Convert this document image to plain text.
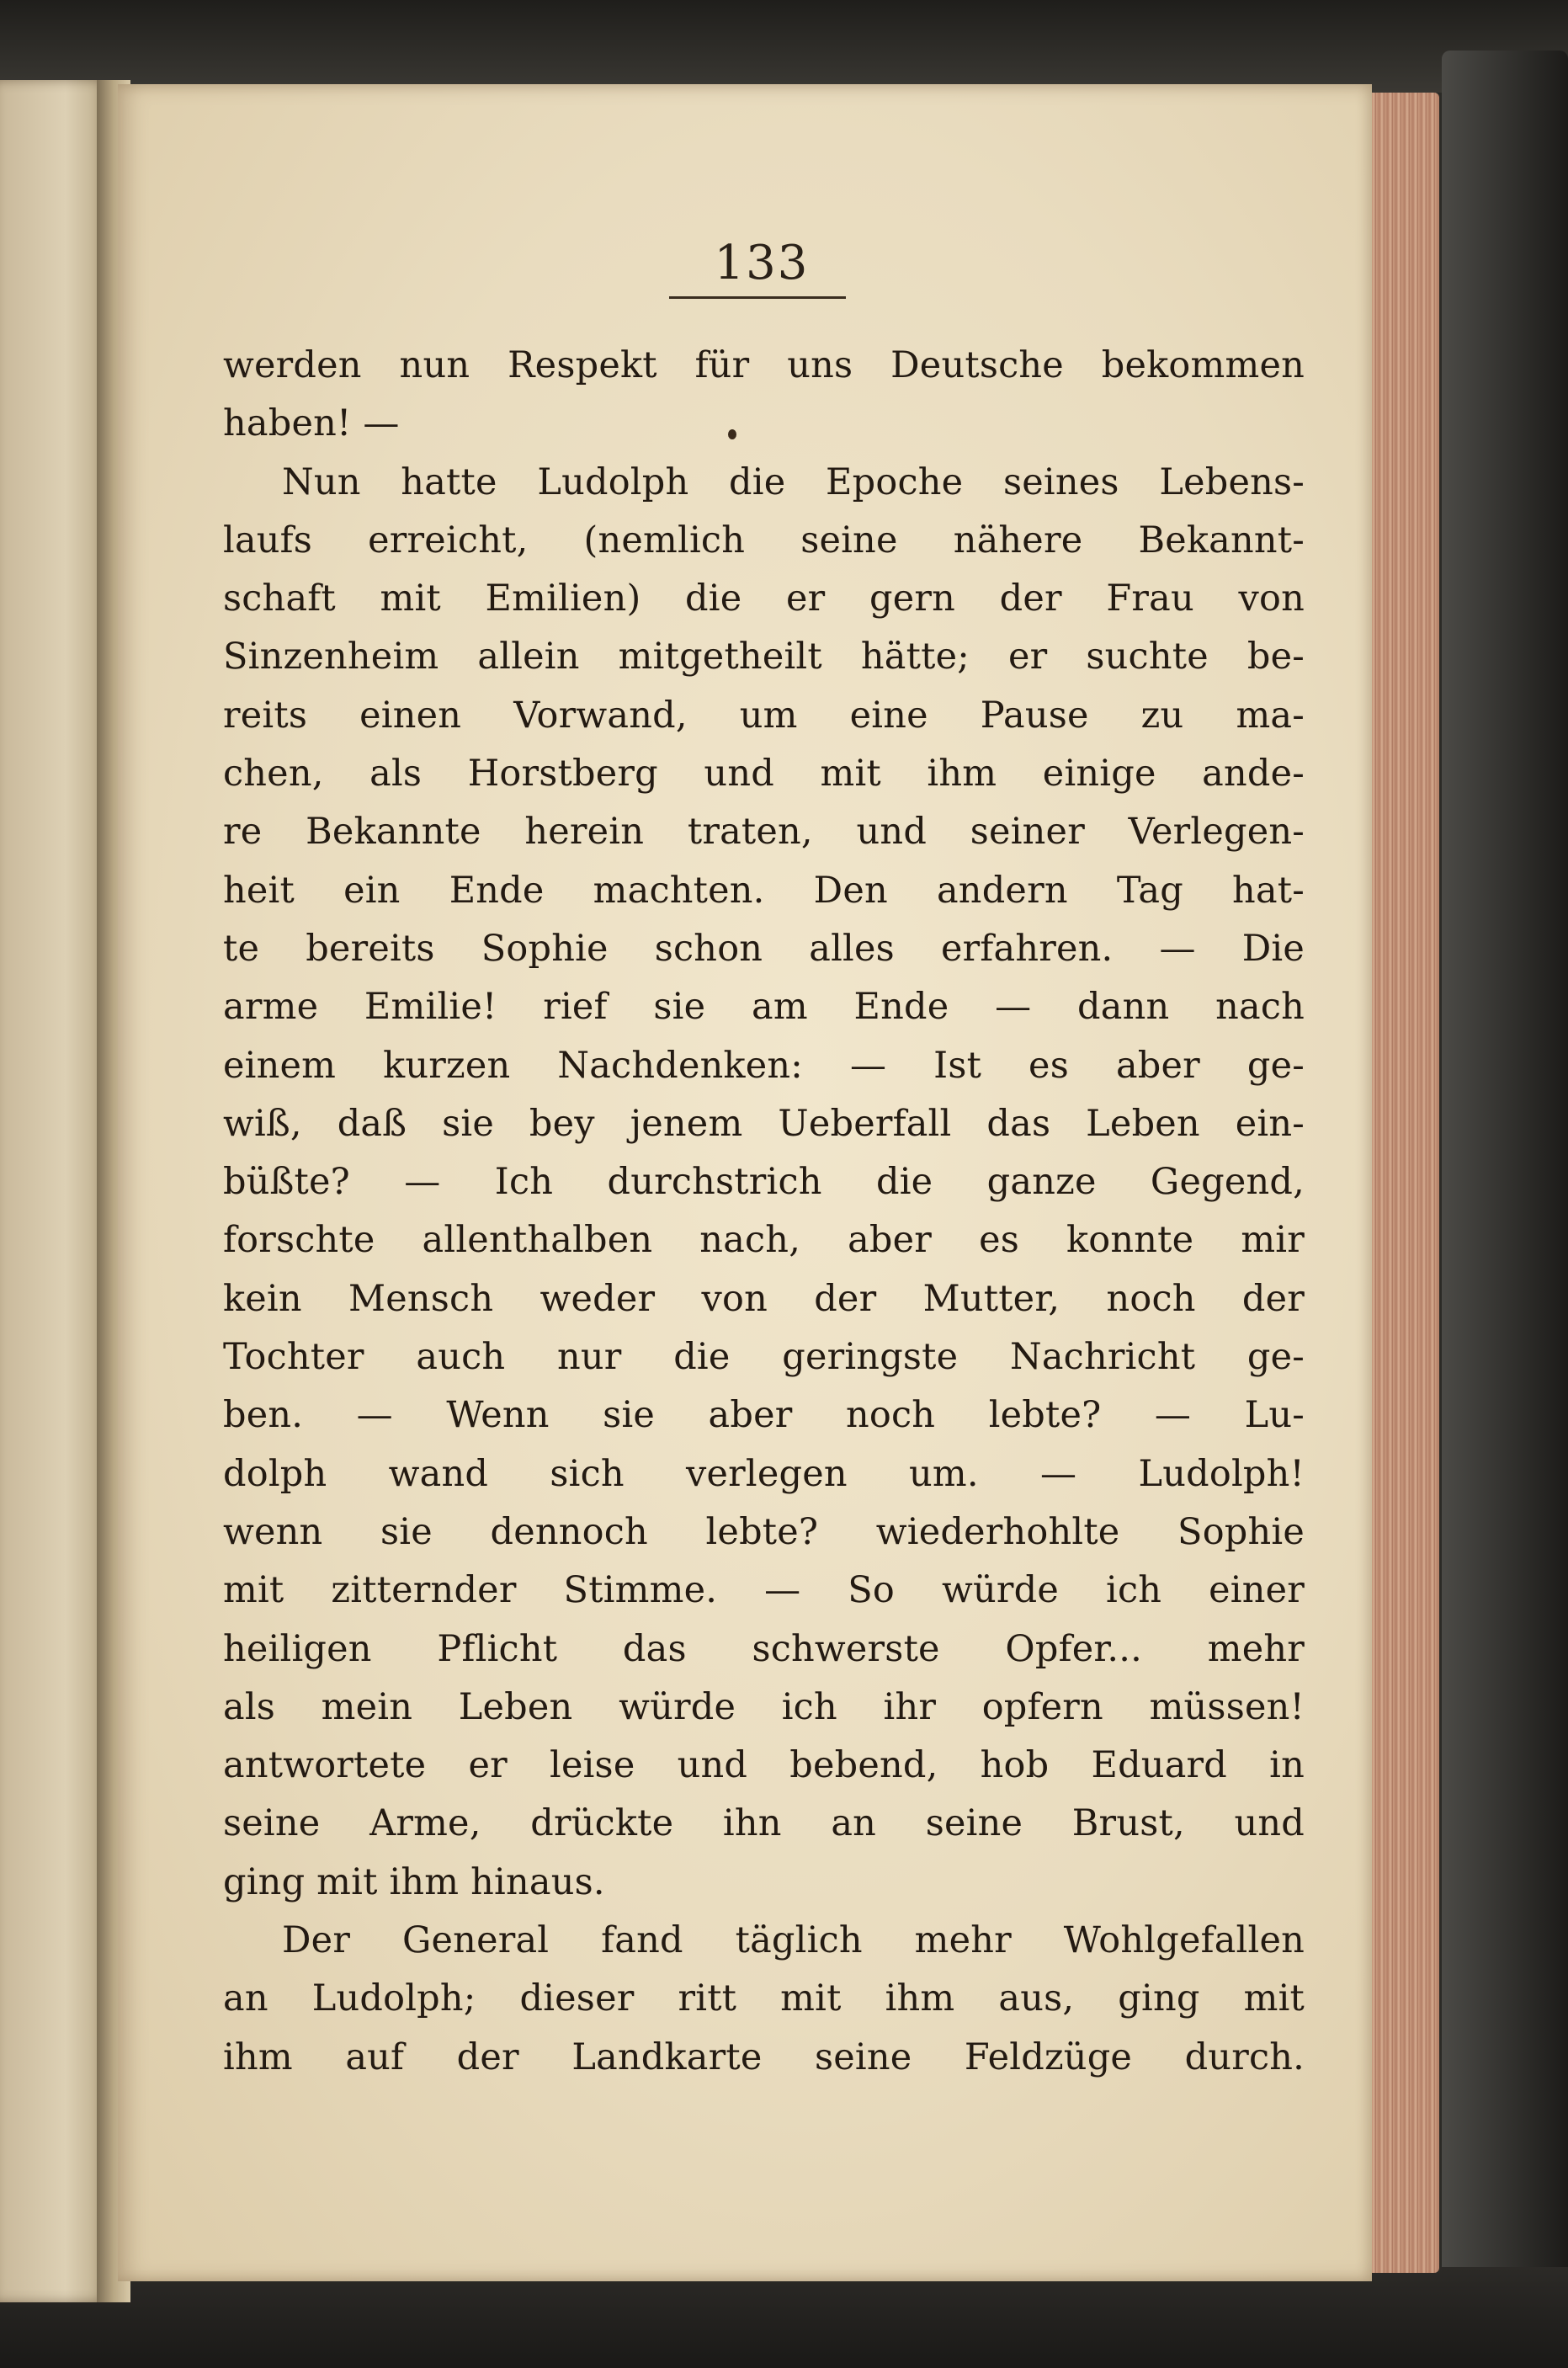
133
werden nun Respekt für uns Deutsche bekommen
haben! —
Nun hatte Ludolph die Epoche seines Lebens-
laufs erreicht, (nemlich seine nähere Bekannt-
schaft mit Emilien) die er gern der Frau von
Sinzenheim allein mitgetheilt hätte; er suchte be-
reits einen Vorwand, um eine Pause zu ma-
chen, als Horstberg und mit ihm einige ande-
re Bekannte herein traten, und seiner Verlegen-
heit ein Ende machten. Den andern Tag hat-
te bereits Sophie schon alles erfahren. — Die
arme Emilie! rief sie am Ende — dann nach
einem kurzen Nachdenken: — Ist es aber ge-
wiß, daß sie bey jenem Ueberfall das Leben ein-
büßte? — Ich durchstrich die ganze Gegend,
forschte allenthalben nach, aber es konnte mir
kein Mensch weder von der Mutter, noch der
Tochter auch nur die geringste Nachricht ge-
ben. — Wenn sie aber noch lebte? — Lu-
dolph wand sich verlegen um. — Ludolph!
wenn sie dennoch lebte? wiederhohlte Sophie
mit zitternder Stimme. — So würde ich einer
heiligen Pflicht das schwerste Opfer... mehr
als mein Leben würde ich ihr opfern müssen!
antwortete er leise und bebend, hob Eduard in
seine Arme, drückte ihn an seine Brust, und
ging mit ihm hinaus.
Der General fand täglich mehr Wohlgefallen
an Ludolph; dieser ritt mit ihm aus, ging mit
ihm auf der Landkarte seine Feldzüge durch.
